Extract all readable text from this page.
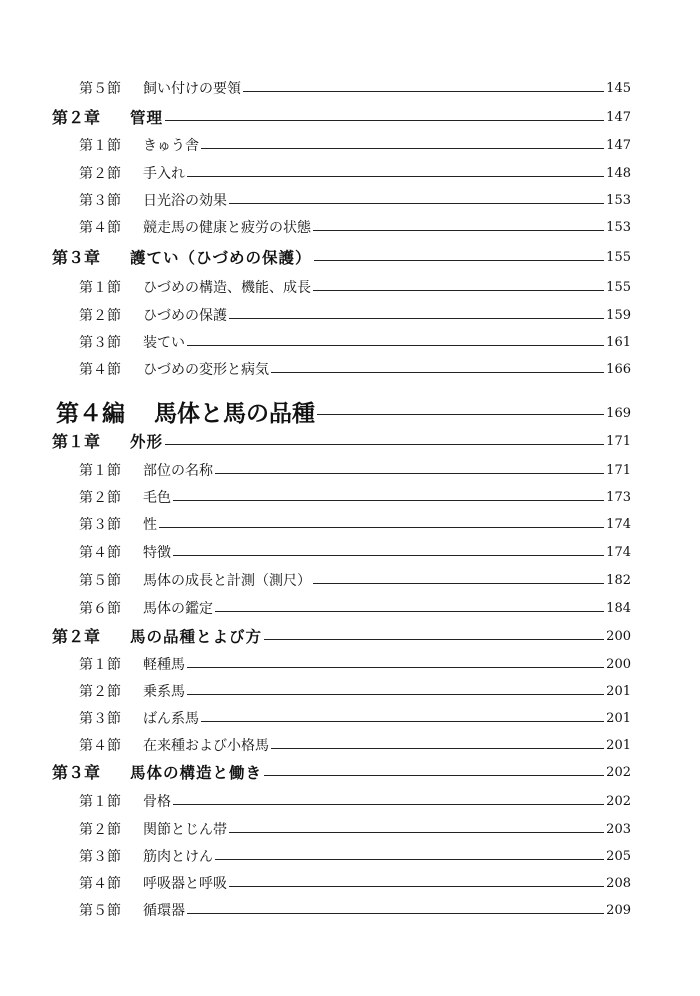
第５節	飼い付けの要領	145
第２章	管理	147
第１節	きゅう舎	147
第２節	手入れ	148
第３節	日光浴の効果	153
第４節	競走馬の健康と疲労の状態	153
第３章	護てい（ひづめの保護）	155
第１節	ひづめの構造、機能、成長	155
第２節	ひづめの保護	159
第３節	装てい	161
第４節	ひづめの変形と病気	166
第４編	馬体と馬の品種	169
第１章	外形	171
第１節	部位の名称	171
第２節	毛色	173
第３節	性	174
第４節	特徴	174
第５節	馬体の成長と計測（測尺）	182
第６節	馬体の鑑定	184
第２章	馬の品種とよび方	200
第１節	軽種馬	200
第２節	乗系馬	201
第３節	ばん系馬	201
第４節	在来種および小格馬	201
第３章	馬体の構造と働き	202
第１節	骨格	202
第２節	関節とじん帯	203
第３節	筋肉とけん	205
第４節	呼吸器と呼吸	208
第５節	循環器	209
